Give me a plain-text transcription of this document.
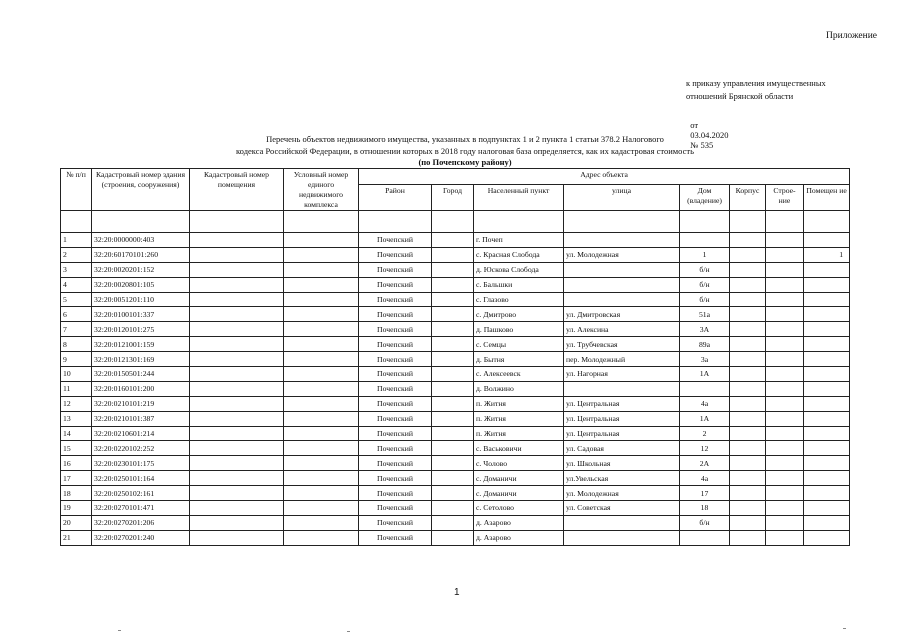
Приложение
к приказу управления имущественных
отношений Брянской области

от
03.04.2020
№ 535

Перечень объектов недвижимого имущества, указанных в подпунктах 1 и 2 пункта 1 статьи 378.2 Налогового
кодекса Российской Федерации, в отношении которых в 2018 году налоговая база определяется, как их кадастровая стоимость
(по Почепскому району)
№ п/п	Кадастровый номер здания (строения, сооружения)	Кадастровый номер помещения	Условный номер единого недвижимого комплекса	Адрес объекта							
				Район	Город	Населенный пункт	улица	Дом (владение)	Корпус	Строе-ние	Помещен ие

1	32:20:0000000:403			Почепский		г. Почеп					
2	32:20:60170101:260			Почепский		с. Красная Слобода	ул. Молодежная	1			1
3	32:20:0020201:152			Почепский		д. Юскова Слобода		б/н			
4	32:20:0020801:105			Почепский		с. Бальшки		б/н			
5	32:20:0051201:110			Почепский		с. Глазово		б/н			
6	32:20:0100101:337			Почепский		с. Дмитрово	ул. Дмитровская	51а			
7	32:20:0120101:275			Почепский		д. Пашково	ул. Алексина	3А			
8	32:20:0121001:159			Почепский		с. Семцы	ул. Трубчевская	89а			
9	32:20:0121301:169			Почепский		д. Бытня	пер. Молодежный	3а			
10	32:20:0150501:244			Почепский		с. Алексеевск	ул. Нагорная	1А			
11	32:20:0160101:200			Почепский		д. Волжино					
12	32:20:0210101:219			Почепский		п. Житня	ул. Центральная	4а			
13	32:20:0210101:387			Почепский		п. Житня	ул. Центральная	1А			
14	32:20:0210601:214			Почепский		п. Житня	ул. Центральная	2			
15	32:20:0220102:252			Почепский		с. Васьковичи	ул. Садовая	12			
16	32:20:0230101:175			Почепский		с. Чолово	ул. Школьная	2А			
17	32:20:0250101:164			Почепский		с. Доманичи	ул.Увельская	4а			
18	32:20:0250102:161			Почепский		с. Доманичи	ул. Молодежная	17			
19	32:20:0270101:471			Почепский		с. Сетолово	ул. Советская	18			
20	32:20:0270201:206			Почепский		д. Азарово		б/н			
21	32:20:0270201:240			Почепский		д. Азарово					
1
